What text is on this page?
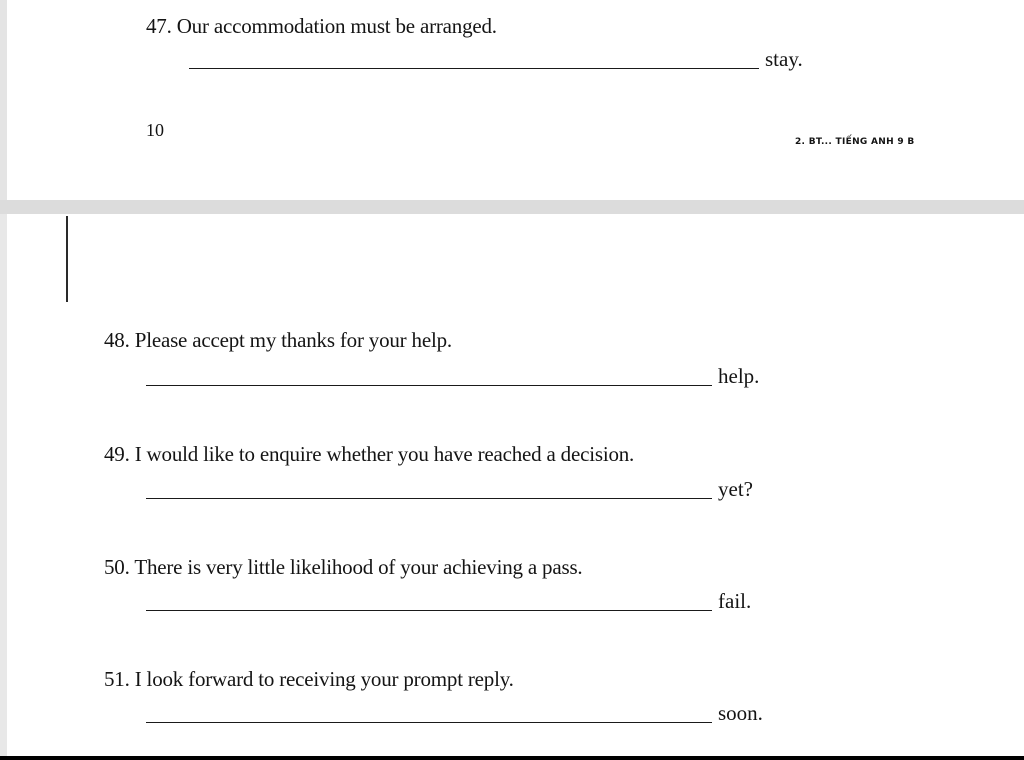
47. Our accommodation must be arranged.
stay.
10
2. BT... TIẾNG ANH 9 B
48. Please accept my thanks for your help.
help.
49. I would like to enquire whether you have reached a decision.
yet?
50. There is very little likelihood of your achieving a pass.
fail.
51. I look forward to receiving your prompt reply.
soon.
